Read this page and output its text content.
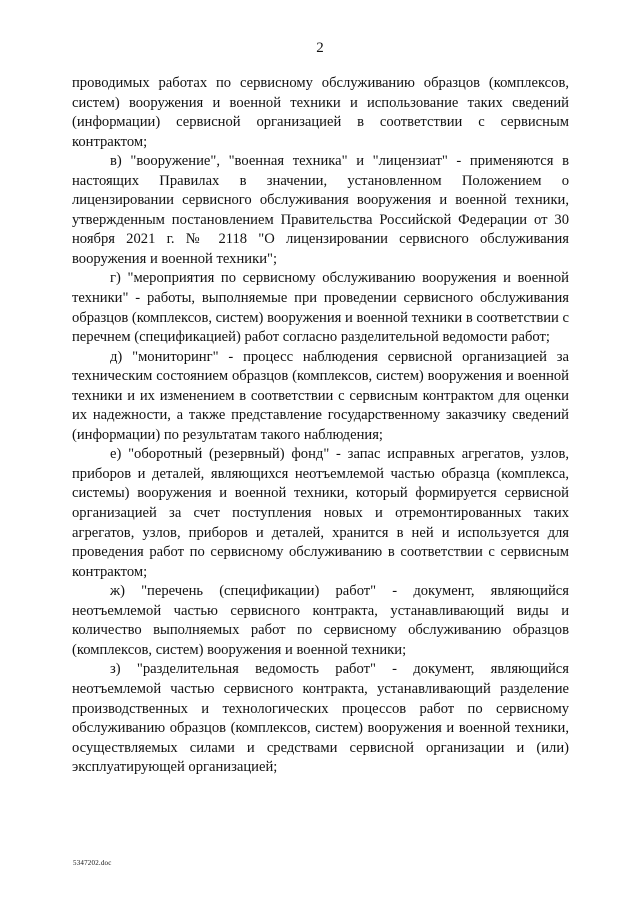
2

проводимых работах по сервисному обслуживанию образцов (комплексов, систем) вооружения и военной техники и использование таких сведений (информации) сервисной организацией в соответствии с сервисным контрактом;

в) "вооружение", "военная техника" и "лицензиат" - применяются в настоящих Правилах в значении, установленном Положением о лицензировании сервисного обслуживания вооружения и военной техники, утвержденным постановлением Правительства Российской Федерации от 30 ноября 2021 г. № 2118 "О лицензировании сервисного обслуживания вооружения и военной техники";

г) "мероприятия по сервисному обслуживанию вооружения и военной техники" - работы, выполняемые при проведении сервисного обслуживания образцов (комплексов, систем) вооружения и военной техники в соответствии с перечнем (спецификацией) работ согласно разделительной ведомости работ;

д) "мониторинг" - процесс наблюдения сервисной организацией за техническим состоянием образцов (комплексов, систем) вооружения и военной техники и их изменением в соответствии с сервисным контрактом для оценки их надежности, а также представление государственному заказчику сведений (информации) по результатам такого наблюдения;

е) "оборотный (резервный) фонд" - запас исправных агрегатов, узлов, приборов и деталей, являющихся неотъемлемой частью образца (комплекса, системы) вооружения и военной техники, который формируется сервисной организацией за счет поступления новых и отремонтированных таких агрегатов, узлов, приборов и деталей, хранится в ней и используется для проведения работ по сервисному обслуживанию в соответствии с сервисным контрактом;

ж) "перечень (спецификации) работ" - документ, являющийся неотъемлемой частью сервисного контракта, устанавливающий виды и количество выполняемых работ по сервисному обслуживанию образцов (комплексов, систем) вооружения и военной техники;

з) "разделительная ведомость работ" - документ, являющийся неотъемлемой частью сервисного контракта, устанавливающий разделение производственных и технологических процессов работ по сервисному обслуживанию образцов (комплексов, систем) вооружения и военной техники, осуществляемых силами и средствами сервисной организации и (или) эксплуатирующей организацией;

5347202.doc
